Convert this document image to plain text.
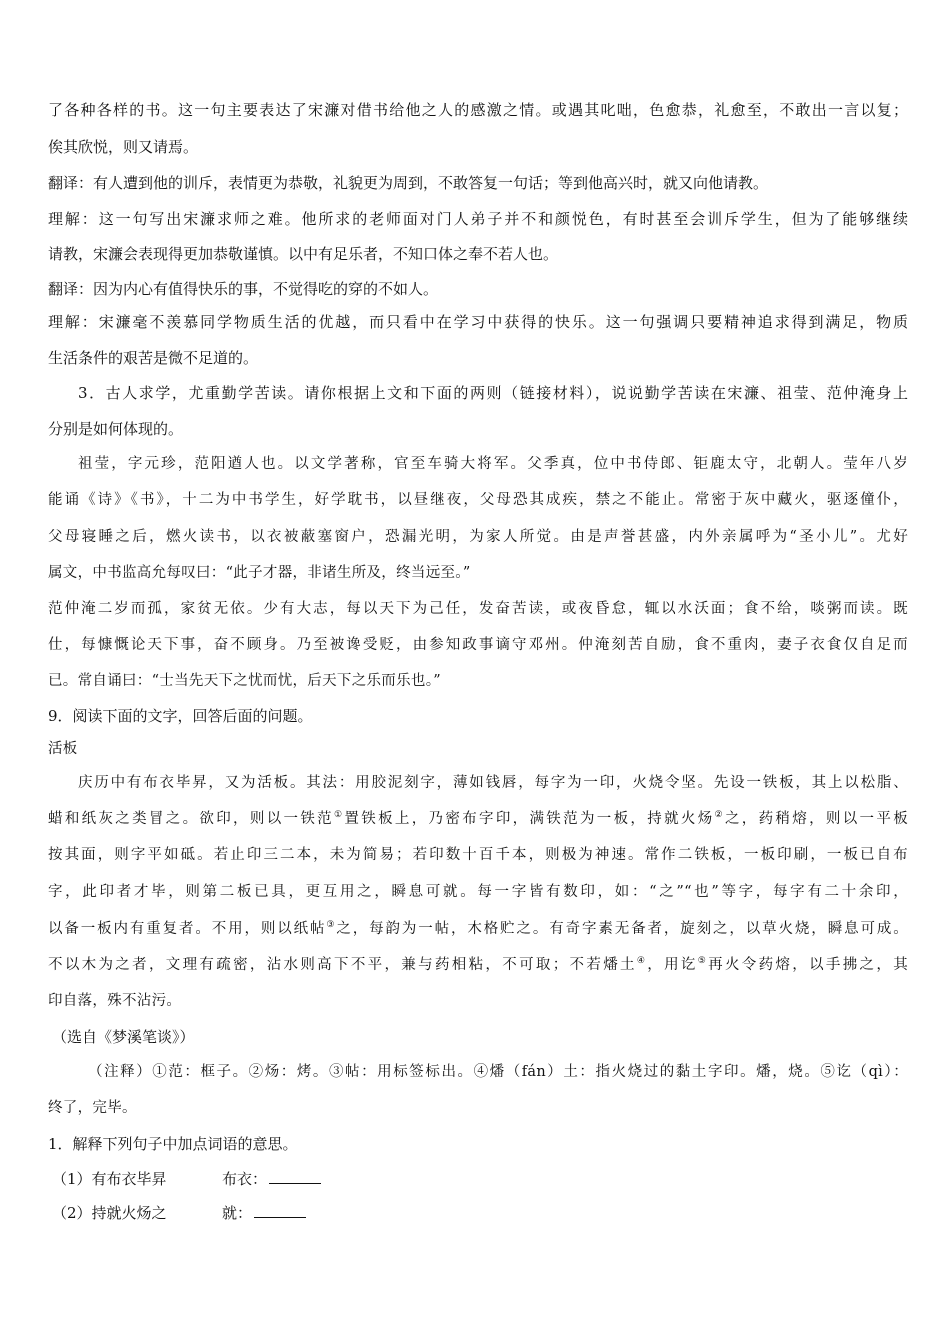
了各种各样的书。这一句主要表达了宋濂对借书给他之人的感激之情。或遇其叱咄，色愈恭，礼愈至，不敢出一言以复；
俟其欣悦，则又请焉。
翻译：有人遭到他的训斥，表情更为恭敬，礼貌更为周到，不敢答复一句话；等到他高兴时，就又向他请教。
理解：这一句写出宋濂求师之难。他所求的老师面对门人弟子并不和颜悦色，有时甚至会训斥学生，但为了能够继续
请教，宋濂会表现得更加恭敬谨慎。以中有足乐者，不知口体之奉不若人也。
翻译：因为内心有值得快乐的事，不觉得吃的穿的不如人。
理解：宋濂毫不羡慕同学物质生活的优越，而只看中在学习中获得的快乐。这一句强调只要精神追求得到满足，物质
生活条件的艰苦是微不足道的。
3．古人求学，尤重勤学苦读。请你根据上文和下面的两则（链接材料），说说勤学苦读在宋濂、祖莹、范仲淹身上
分别是如何体现的。
祖莹，字元珍，范阳遒人也。以文学著称，官至车骑大将军。父季真，位中书侍郎、钜鹿太守，北朝人。莹年八岁
能诵《诗》《书》，十二为中书学生，好学耽书，以昼继夜，父母恐其成疾，禁之不能止。常密于灰中藏火，驱逐僮仆，
父母寝睡之后，燃火读书，以衣被蔽塞窗户，恐漏光明，为家人所觉。由是声誉甚盛，内外亲属呼为“圣小儿”。尤好
属文，中书监高允每叹曰：“此子才器，非诸生所及，终当远至。”
范仲淹二岁而孤，家贫无依。少有大志，每以天下为己任，发奋苦读，或夜昏怠，辄以水沃面；食不给，啖粥而读。既
仕，每慷慨论天下事，奋不顾身。乃至被谗受贬，由参知政事谪守邓州。仲淹刻苦自励，食不重肉，妻子衣食仅自足而
已。常自诵曰：“士当先天下之忧而忧，后天下之乐而乐也。”
9．阅读下面的文字，回答后面的问题。
活板
庆历中有布衣毕昇，又为活板。其法：用胶泥刻字，薄如钱唇，每字为一印，火烧令坚。先设一铁板，其上以松脂、
蜡和纸灰之类冒之。欲印，则以一铁范①置铁板上，乃密布字印，满铁范为一板，持就火炀②之，药稍熔，则以一平板
按其面，则字平如砥。若止印三二本，未为简易；若印数十百千本，则极为神速。常作二铁板，一板印刷，一板已自布
字，此印者才毕，则第二板已具，更互用之，瞬息可就。每一字皆有数印，如：“之”“也”等字，每字有二十余印，
以备一板内有重复者。不用，则以纸帖③之，每韵为一帖，木格贮之。有奇字素无备者，旋刻之，以草火烧，瞬息可成。
不以木为之者，文理有疏密，沾水则高下不平，兼与药相粘，不可取；不若燔土④，用讫⑤再火令药熔，以手拂之，其
印自落，殊不沾污。
（选自《梦溪笔谈》）
（注释）①范：框子。②炀：烤。③帖：用标签标出。④燔（fán）土：指火烧过的黏土字印。燔，烧。⑤讫（qì）：
终了，完毕。
1．解释下列句子中加点词语的意思。
（1）有布衣毕昇	布衣：
（2）持就火炀之	就：
